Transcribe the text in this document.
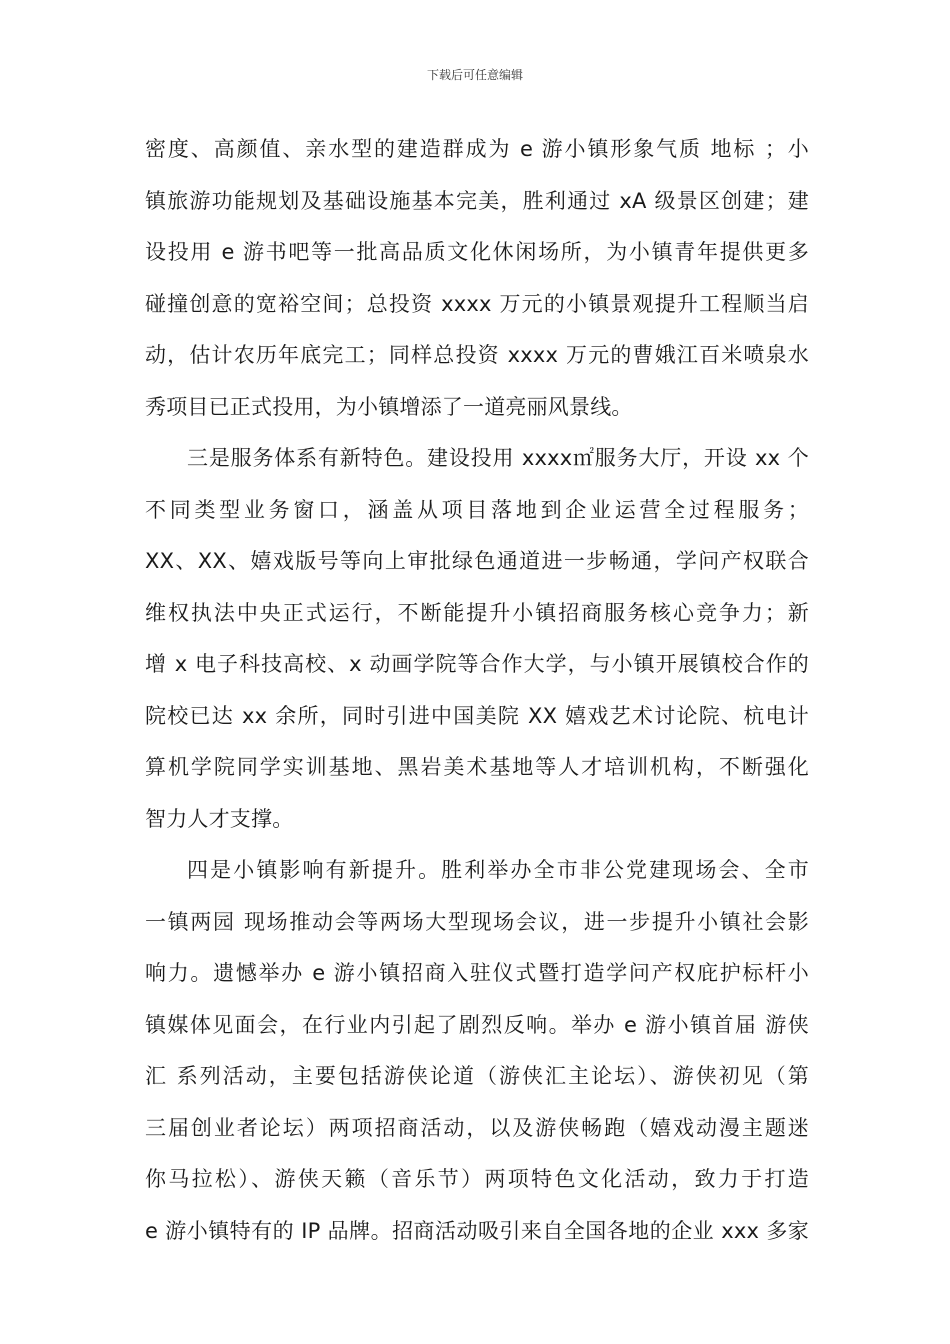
下载后可任意编辑
密度、高颜值、亲水型的建造群成为 e 游小镇形象气质 地标 ；小
镇旅游功能规划及基础设施基本完美，胜利通过 xA 级景区创建；建
设投用 e 游书吧等一批高品质文化休闲场所，为小镇青年提供更多
碰撞创意的宽裕空间；总投资 xxxx 万元的小镇景观提升工程顺当启
动，估计农历年底完工；同样总投资 xxxx 万元的曹娥江百米喷泉水
秀项目已正式投用，为小镇增添了一道亮丽风景线。
三是服务体系有新特色。建设投用 xxxx㎡服务大厅，开设 xx 个
不同类型业务窗口，涵盖从项目落地到企业运营全过程服务；
XX、XX、嬉戏版号等向上审批绿色通道进一步畅通，学问产权联合
维权执法中央正式运行，不断能提升小镇招商服务核心竞争力；新
增 x 电子科技高校、x 动画学院等合作大学，与小镇开展镇校合作的
院校已达 xx 余所，同时引进中国美院 XX 嬉戏艺术讨论院、杭电计
算机学院同学实训基地、黑岩美术基地等人才培训机构，不断强化
智力人才支撑。
四是小镇影响有新提升。胜利举办全市非公党建现场会、全市
一镇两园 现场推动会等两场大型现场会议，进一步提升小镇社会影
响力。遗憾举办 e 游小镇招商入驻仪式暨打造学问产权庇护标杆小
镇媒体见面会，在行业内引起了剧烈反响。举办 e 游小镇首届 游侠
汇 系列活动，主要包括游侠论道（游侠汇主论坛）、游侠初见（第
三届创业者论坛）两项招商活动，以及游侠畅跑（嬉戏动漫主题迷
你马拉松）、游侠天籁（音乐节）两项特色文化活动，致力于打造
e 游小镇特有的 IP 品牌。招商活动吸引来自全国各地的企业 xxx 多家
